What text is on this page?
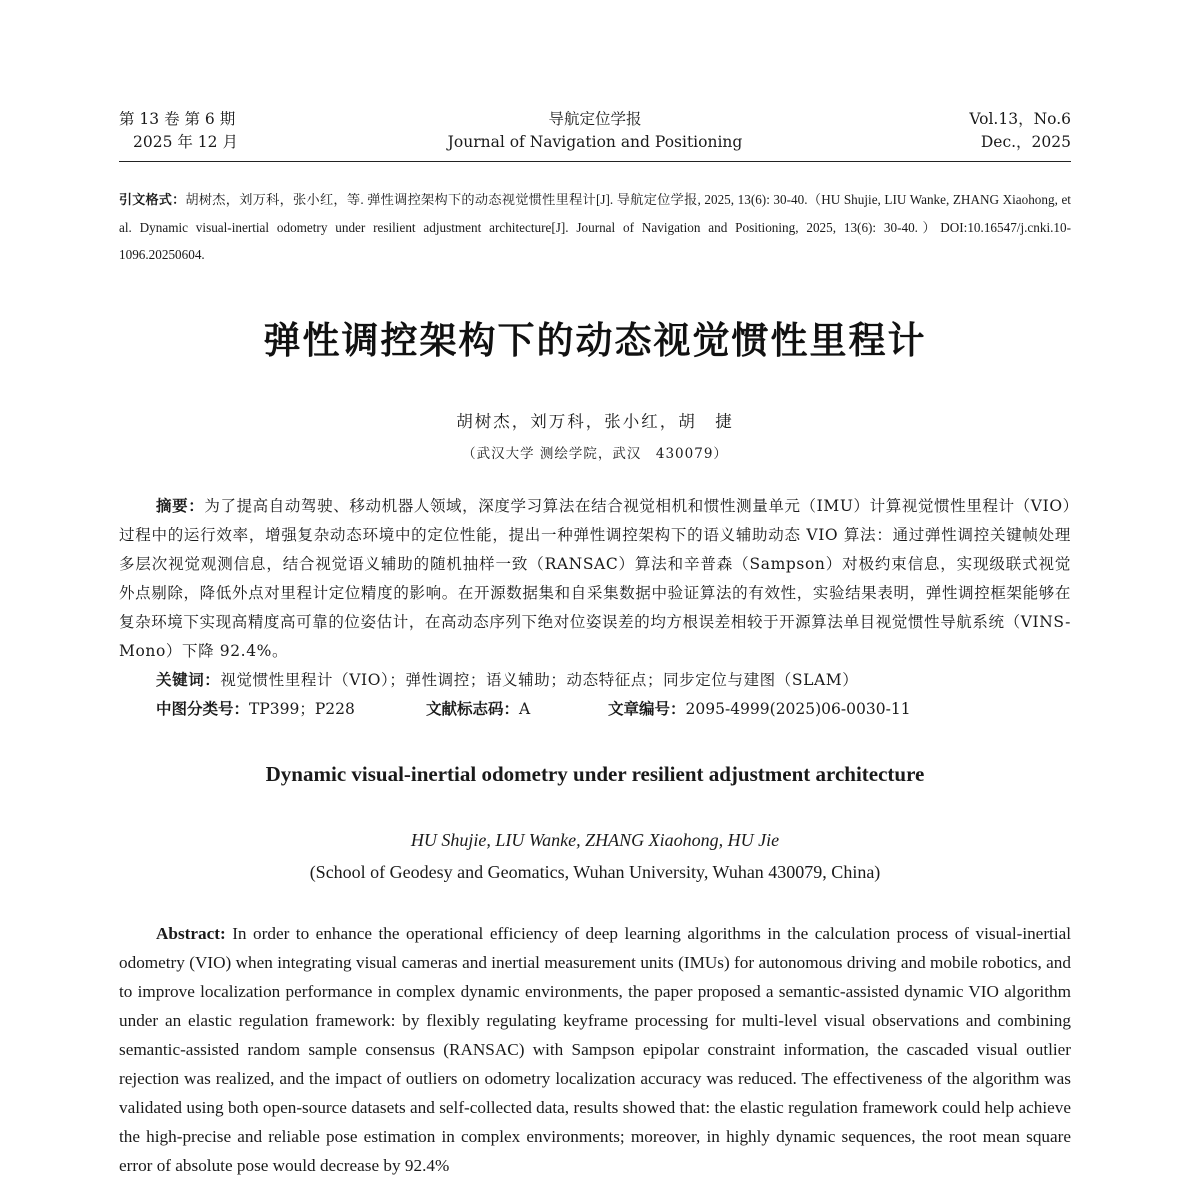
第 13 卷 第 6 期
2025 年 12 月
导航定位学报
Journal of Navigation and Positioning
Vol.13，No.6
Dec.，2025
引文格式：胡树杰，刘万科，张小红，等. 弹性调控架构下的动态视觉惯性里程计[J]. 导航定位学报, 2025, 13(6): 30-40.（HU Shujie, LIU Wanke, ZHANG Xiaohong, et al. Dynamic visual-inertial odometry under resilient adjustment architecture[J]. Journal of Navigation and Positioning, 2025, 13(6): 30-40.）DOI:10.16547/j.cnki.10-1096.20250604.
弹性调控架构下的动态视觉惯性里程计
胡树杰，刘万科，张小红，胡　捷
（武汉大学 测绘学院，武汉　430079）
摘要：为了提高自动驾驶、移动机器人领域，深度学习算法在结合视觉相机和惯性测量单元（IMU）计算视觉惯性里程计（VIO）过程中的运行效率，增强复杂动态环境中的定位性能，提出一种弹性调控架构下的语义辅助动态 VIO 算法：通过弹性调控关键帧处理多层次视觉观测信息，结合视觉语义辅助的随机抽样一致（RANSAC）算法和辛普森（Sampson）对极约束信息，实现级联式视觉外点剔除，降低外点对里程计定位精度的影响。在开源数据集和自采集数据中验证算法的有效性，实验结果表明，弹性调控框架能够在复杂环境下实现高精度高可靠的位姿估计，在高动态序列下绝对位姿误差的均方根误差相较于开源算法单目视觉惯性导航系统（VINS-Mono）下降 92.4%。
关键词：视觉惯性里程计（VIO）；弹性调控；语义辅助；动态特征点；同步定位与建图（SLAM）
中图分类号：TP399；P228	文献标志码：A	文章编号：2095-4999(2025)06-0030-11
Dynamic visual-inertial odometry under resilient adjustment architecture
HU Shujie, LIU Wanke, ZHANG Xiaohong, HU Jie
(School of Geodesy and Geomatics, Wuhan University, Wuhan 430079, China)
Abstract: In order to enhance the operational efficiency of deep learning algorithms in the calculation process of visual-inertial odometry (VIO) when integrating visual cameras and inertial measurement units (IMUs) for autonomous driving and mobile robotics, and to improve localization performance in complex dynamic environments, the paper proposed a semantic-assisted dynamic VIO algorithm under an elastic regulation framework: by flexibly regulating keyframe processing for multi-level visual observations and combining semantic-assisted random sample consensus (RANSAC) with Sampson epipolar constraint information, the cascaded visual outlier rejection was realized, and the impact of outliers on odometry localization accuracy was reduced. The effectiveness of the algorithm was validated using both open-source datasets and self-collected data, results showed that: the elastic regulation framework could help achieve the high-precise and reliable pose estimation in complex environments; moreover, in highly dynamic sequences, the root mean square error of absolute pose would decrease by 92.4%
